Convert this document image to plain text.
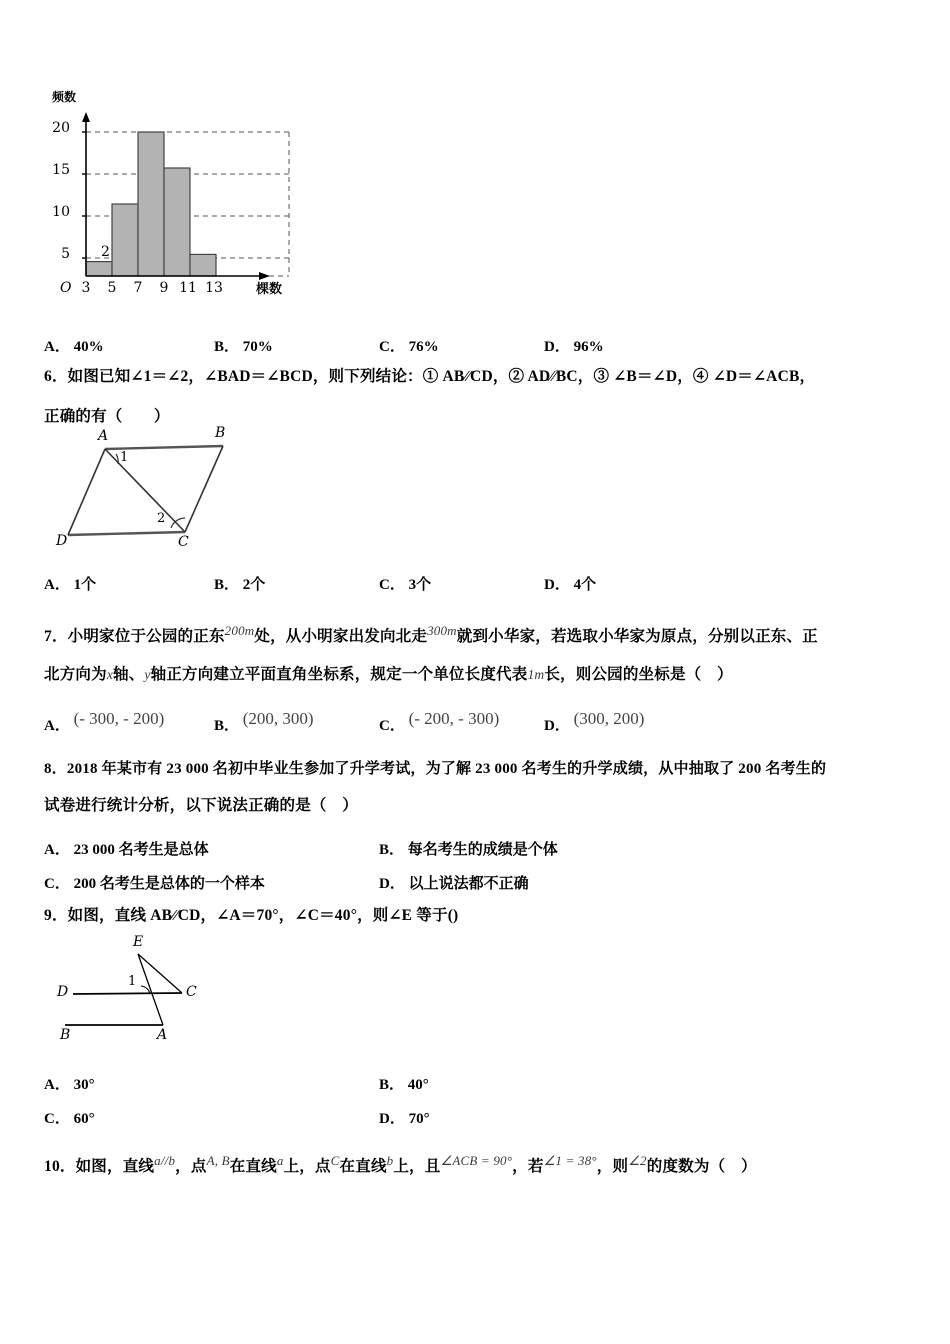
频数
棵数
O
2
20
15
10
5
3	5	7	9 11 13
A． 40%	B． 70%	C． 76%	D． 96%
6．如图已知∠1＝∠2，∠BAD＝∠BCD，则下列结论：① AB∕∕CD，② AD∕∕BC，③ ∠B＝∠D，④ ∠D＝∠ACB，
正确的有（　　）
A	B
C
D
1
2
A． 1个	B． 2个	C． 3个	D． 4个
7．小明家位于公园的正东$^{200m}$处，从小明家出发向北走$^{300m}$就到小华家，若选取小华家为原点，分别以正东、正
北方向为x轴、y轴正方向建立平面直角坐标系，规定一个单位长度代表1m长，则公园的坐标是（　）
A． (- 300, - 200)	B． (200, 300)	C． (- 200, - 300)	D． (300, 200)
8．2018 年某市有 23 000 名初中毕业生参加了升学考试，为了解 23 000 名考生的升学成绩，从中抽取了 200 名考生的
试卷进行统计分析，以下说法正确的是（　）
A． 23 000 名考生是总体	B． 每名考生的成绩是个体
C． 200 名考生是总体的一个样本	D． 以上说法都不正确
9．如图，直线 AB∕∕CD，∠A＝70°，∠C＝40°，则∠E 等于()
E
D	C
B	A
1
A． 30°	B． 40°
C． 60°	D． 70°
10．如图，直线$^{a//b}$，点$^{A, B}$在直线$^a$上，点$^C$在直线$^b$上，且$^{\angle ACB = 90^\circ}$，若$^{\angle 1 = 38^\circ}$，则$^{\angle 2}$的度数为（　）
